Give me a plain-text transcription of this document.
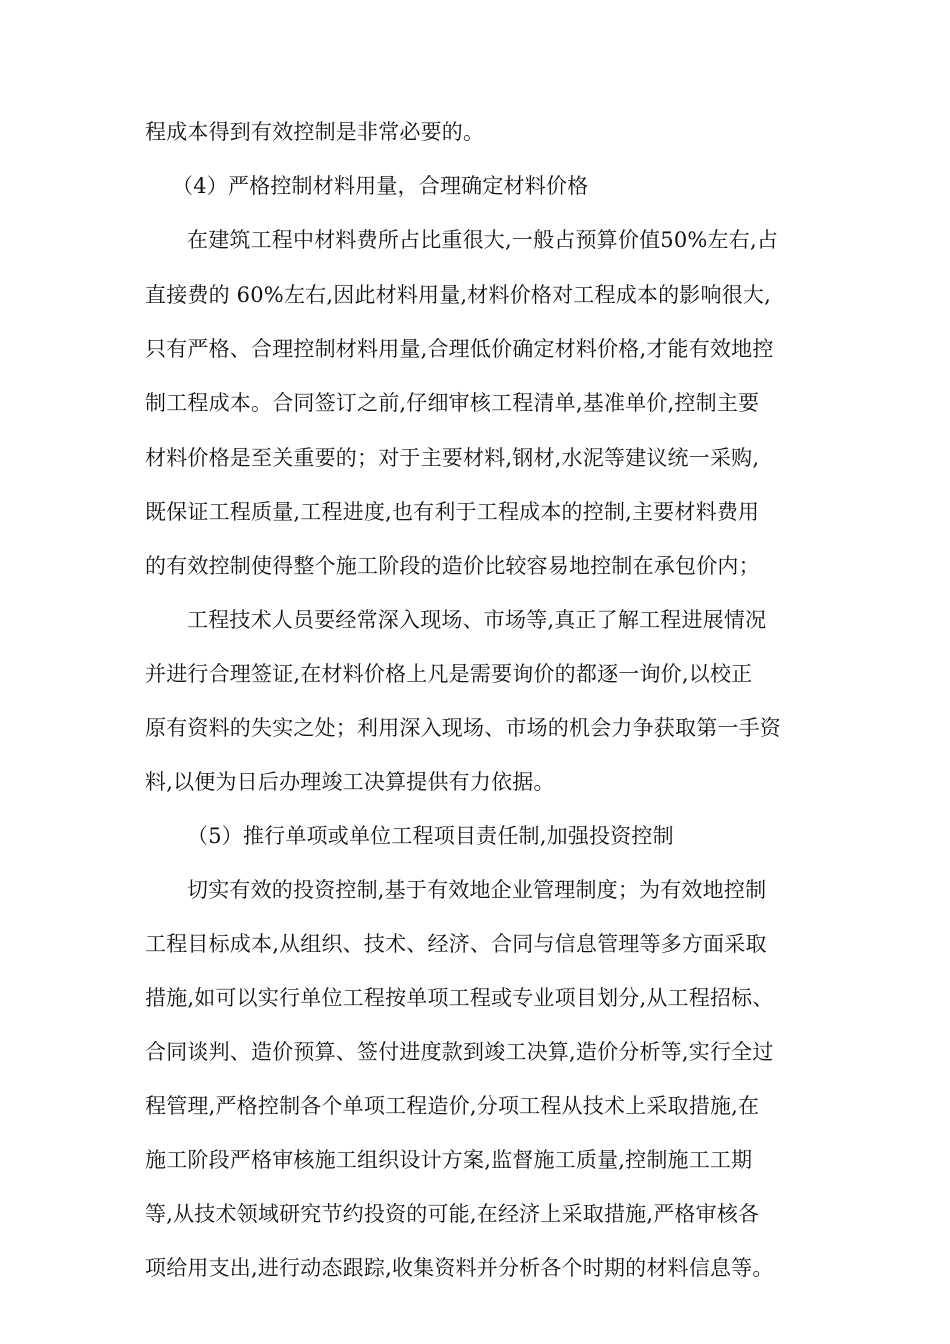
程成本得到有效控制是非常必要的。
（4）严格控制材料用量，合理确定材料价格
在建筑工程中材料费所占比重很大,一般占预算价值50%左右,占
直接费的 60%左右,因此材料用量,材料价格对工程成本的影响很大,
只有严格、合理控制材料用量,合理低价确定材料价格,才能有效地控
制工程成本。合同签订之前,仔细审核工程清单,基准单价,控制主要
材料价格是至关重要的；对于主要材料,钢材,水泥等建议统一采购,
既保证工程质量,工程进度,也有利于工程成本的控制,主要材料费用
的有效控制使得整个施工阶段的造价比较容易地控制在承包价内；
工程技术人员要经常深入现场、市场等,真正了解工程进展情况
并进行合理签证,在材料价格上凡是需要询价的都逐一询价,以校正
原有资料的失实之处；利用深入现场、市场的机会力争获取第一手资
料,以便为日后办理竣工决算提供有力依据。
（5）推行单项或单位工程项目责任制,加强投资控制
切实有效的投资控制,基于有效地企业管理制度；为有效地控制
工程目标成本,从组织、技术、经济、合同与信息管理等多方面采取
措施,如可以实行单位工程按单项工程或专业项目划分,从工程招标、
合同谈判、造价预算、签付进度款到竣工决算,造价分析等,实行全过
程管理,严格控制各个单项工程造价,分项工程从技术上采取措施,在
施工阶段严格审核施工组织设计方案,监督施工质量,控制施工工期
等,从技术领域研究节约投资的可能,在经济上采取措施,严格审核各
项给用支出,进行动态跟踪,收集资料并分析各个时期的材料信息等。
